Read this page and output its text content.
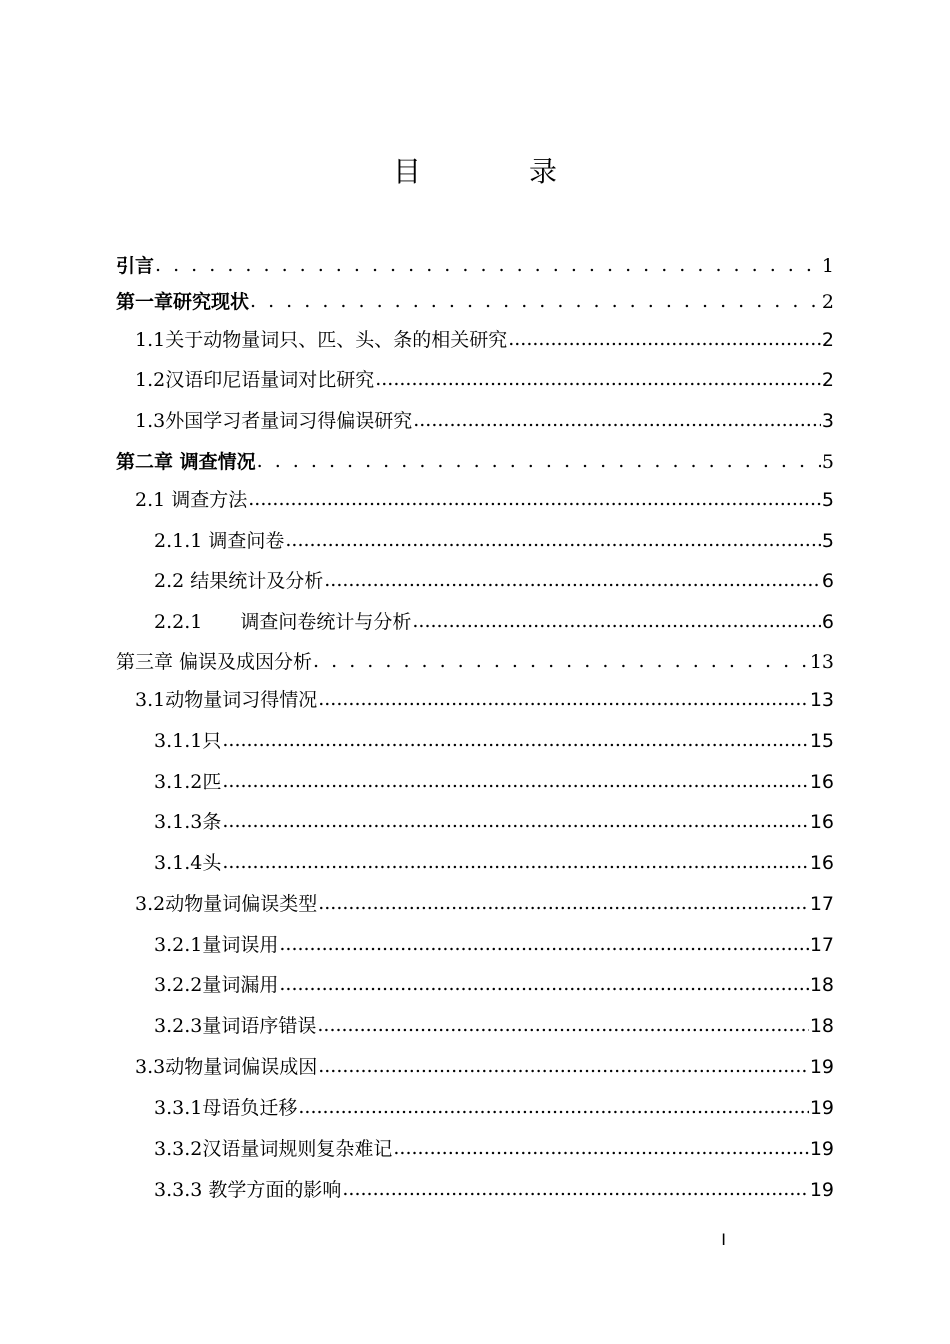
目　录
引言 . . .	1
第一章研究现状 . . .	2
1.1关于动物量词只、匹、头、条的相关研究 .....	2
1.2汉语印尼语量词对比研究 .....	2
1.3外国学习者量词习得偏误研究 .....	3
第二章 调查情况 . . .	5
2.1 调查方法 .....	5
2.1.1 调查问卷 .....	5
2.2 结果统计及分析 .....	6
2.2.1　　调查问卷统计与分析 .....	6
第三章 偏误及成因分析 . . .	13
3.1动物量词习得情况 .....	13
3.1.1只 .....	15
3.1.2匹 .....	16
3.1.3条 .....	16
3.1.4头 .....	16
3.2动物量词偏误类型 .....	17
3.2.1量词误用 .....	17
3.2.2量词漏用 .....	18
3.2.3量词语序错误 .....	18
3.3动物量词偏误成因 .....	19
3.3.1母语负迁移 .....	19
3.3.2汉语量词规则复杂难记 .....	19
3.3.3 教学方面的影响 .....	19
I
